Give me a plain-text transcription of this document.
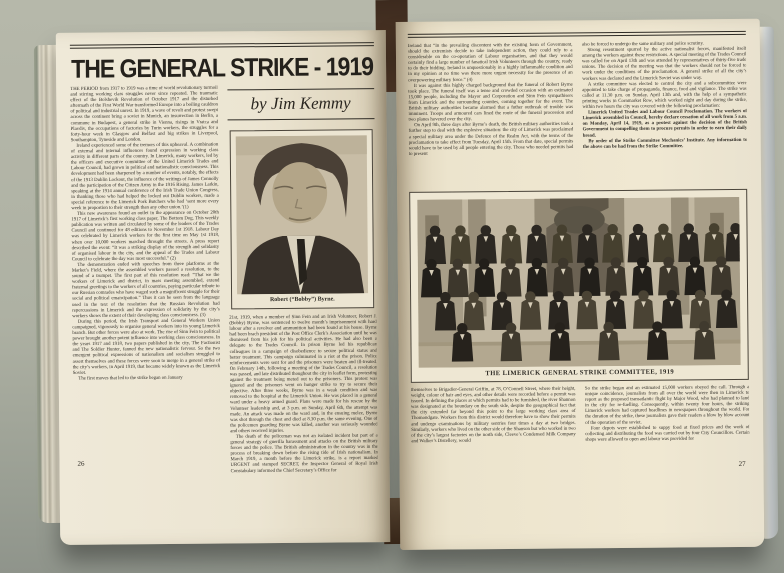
THE GENERAL STRIKE - 1919

THE PERIOD from 1917 to 1919 was a time of world revolutionary turmoil and stirring working class struggles never since repeated. The traumatic effect of the Bolshevik Revolution of October 1917 and the disturbed aftermath of the First World War transformed Europe into a boiling cauldron of political and industrial unrest. In 1919, a wave of revolt and protest swept across the continent bring a soviet in Munich, an insurrection in Berlin, a commune in Budapest, a general strike in Vienna, risings in Vratca and Plavdiv, the occupations of factories by Turin workers, the struggles for a forty-hour week in Glasgow and Belfast and big strikes in Liverpool, Southampton, Tyneside and London.

Ireland experienced some of the tremors of this upheaval. A combination of external and internal influences found expression in working class activity in different parts of the country. In Limerick, many workers, led by the officers and executive committee of the United Limerick Trades and Labour Council, had grown in political and nationalistic consciousness. This development had been sharpened by a number of events, notably, the effects of the 1913 Dublin Lockout, the influence of the writings of James Connolly and the participation of the Citizen Army in the 1916 Rising. James Larkin, speaking at the 1914 annual conference of the Irish Trade Union Congress, in thanking those who had helped the locked out Dublin workers, made a special reference to the Limerick Pork Butchers who had ‘sent more every week in proportion to their strength than any other union.’(1)

This new awareness found an outlet in the appearance on October 20th 1917 of Limerick’s first working class paper, The Bottom Dog. This weekly publication was written and circulated by some of the leaders of the Trades Council and continued for 48 editions to November 1st 1918. Labour Day was celebrated by Limerick workers for the first time on May 1st 1918, when over 10,000 workers marched throught the streets. A press report described the event: “It was a striking display of the strength and solidarity of organised labour in the city, and the appeal of the Trades and Labour Council to celebrate the day was most successful.” (2)

The demonstration ended with speeches from three platforms at the Market’s Field, where the assembled workers passed a resolution, to the sound of a trumpet. The first part of this resolution read: “That we the workers of Limerick and district, in mass meeting assembled, extend fraternal greetings to the workers of all countries, paying particular tribute to our Russian comrades who have waged such a magnificent struggle for their social and political emancipation.” Thus it can be seen from the language used in the text of the resolution that the Russian Revolution had repercussions in Limerick and the expression of solidarity by the city’s workers shows the extent of their developing class consciousness. (3)

During this period, the Irish Transport and General Workers Union campaigned, vigorously to organise general workers into its young Limerick branch. But other forces were also at work. The rise of Sinn Fein to political power brought another potent influence into working class consciousness. In the years 1917 and 1918, two papers published in the city, The Factionist and The Soldier Hunter, fanned the new nationalistic fervour. So the two emergent political expressions of nationalism and socialism struggled to assert themselves and these forces were soon to merge in a general strike of the city’s workers, in April 1919, that became widely known as the Limerick Soviet.

The first moves that led to the strike began on January

26
by Jim Kemmy
Robert (“Bobby”) Byrne.

21st, 1919, when a member of Sinn Fein and an Irish Volunteer, Robert J. (Bobby) Byrne, was sentenced to twelve month’s imprisonment with hard labour after a revolver and ammunition had been found at his house. Byrne had been brach president of the Post Office Clerk’s Association until he was dismissed from his job for his political activities. He had also been a delegate to the Trades Council. In prison Byrne led his republican colleagues in a campaign of disobedience to secure political status and better treatment. This campaign culminated in a riot at the prison. Police reinforcements were sent for and the prisoners were beaten and ill-treated. On February 14th, following a meeting of the Trades Council, a resolution was passed, and late distributed thoughout the city in leaflet form, protesting against the treatment being meted out to the prisoners. This protest was ignored and the prisoners went on hunger strike to try to secure their objective. After three weeks, Byrne was in a weak condition and was removed to the hospital at the Limerick Union. He was placed in a general ward under a heavy armed guard. Plans were made for his rescue by the Volunteer leadership and, at 3 p.m. on Sunday, April 6th, the attempt was made. An attack was made on the ward and, in the ensuing melee, Byrne was shot through the chest and died at 8.30 p.m. the same evening. One of the policemen guarding Byrne was killed, another was seriously wounded and others received injuries.

The death of the policeman was not an isolated incident but part of a general strategy of guerilla harassment and attacks on the British military forces and the police. The British administration in the country was in the process of breaking down before the rising tide of Irish nationalism. In March 1919, a month before the Limerick strike, is a report marked URGENT and stamped SECRET, the Inspector General of Royal Irish Constabulary informed the Chief Secretary’s Office for

Ireland that “In the prevailing discontent with the existing form of Government, should the extremists decide to take independent action, they could rely to a considerable on the co-operation of Labour organisation, and that they would certainly find a large number of fanatical Irish Volunteers through the country, ready to do their bidding. Ireland is unquestionably in a highly inflammable condition and in my opinion at no time was there more urgent necessity for the presence of an overpowering military force.” (4)

It was against this highly charged background that the funeral of Robert Byrne took place. The funeral itself was a tense and crowded occasion with an estimated 15,000 people, including the Mayor and Corporation and Sinn Fein sympathisers from Limerick and the surrounding counties, coming together for the event. The British military authorities became alarmed that a futher outbreak of trouble was imminent. Troops and armoured cars lined the route of the funeral procession and two planes hovered over the city.

On April 9th, three days after Byrne’s death, the British military authorities took a further step to deal with the explosive situation: the city of Limerick was proclaimed a special military area under the Defence of the Realm Act, with the terms of the proclamation to take effect from Tuesday, April 15th. From that date, special permits would have to be used by all people entering the city. Those who needed permits had to present

also be forced to undergo the same military and police scrutiny.

Strong resentment spurred by the active nationalist forces, manifested itself among the workers against these restrictions. A special meeting of the Trades Council was called for on April 13th and was attended by representatives of thirty-five trade unions. The decision of the meeting was that the workers should not be forced to work under the conditions of the proclamation. A general strike of all the city’s workers was declared and the Limerick Soviet was under way.

A strike committee was elected to control the city and a subcommittee were appointed to take charge of propaganda, finance, food and vigilance. The strike was called at 11.30 p.m. on Sunday, April 13th and, with the help of a sympathetic printing works in Cornmarket Row, which worked night and day during the strike, within two hours the city was covered with the following proclamation:

Limerick United Trades and Labour Council Proclamation. The workers of Limerick assembled in Council, hereby declare cessation of all work from 5 a.m. on Monday, April 14, 1919, as a protest against the decision of the British Government in compelling them to procure permits in order to earn their daily bread.

By order of the Strike Committee Mechanics’ Institute. Any information to the above can be had from the Strike Committee.

THE LIMERICK GENERAL STRIKE COMMITTEE, 1919

themselves to Brigadier-General Griffin, at 78, O’Connell Street, where their height, weight, colour of hair and eyes, and other details were recorded before a permit was issued. In defining the places at which permits had to be furnished, the river Shannon was designated at the boundary on the south side, despite the geographical fact that the city extended far beyond this point to the large working class area of Thomondgate. Workers from this district would therefore have to show their permits and undergo examinations by military sentries four times a day at two bridges. Similarly, workers who lived on the other side of the Shanson but who worked in two of the city’s largest factories on the north side, Cleeve’s Condensed Milk Company and Walker’s Distellery, would

So the strike began and an estimated 15,000 workers obeyed the call. Through a unique coincidence, journalists from all over the world were then in Limerick to report as the proposed transatlantic flight by Major Wood, who had planned to land in the city for re-fuelling. Consequently, within twenty four hours, the striking Limerick workers had captured headlines in newspapers throughout the world. For the duration of the strike, these journalists gave their readers a blow by blow account of the operation of the soviet.

Four depots were established to suppy food at fixed prices and the work of collecting and distributing the food was carried out by four City Councillors. Certain shops were allowed to open and labour was provided for

27
